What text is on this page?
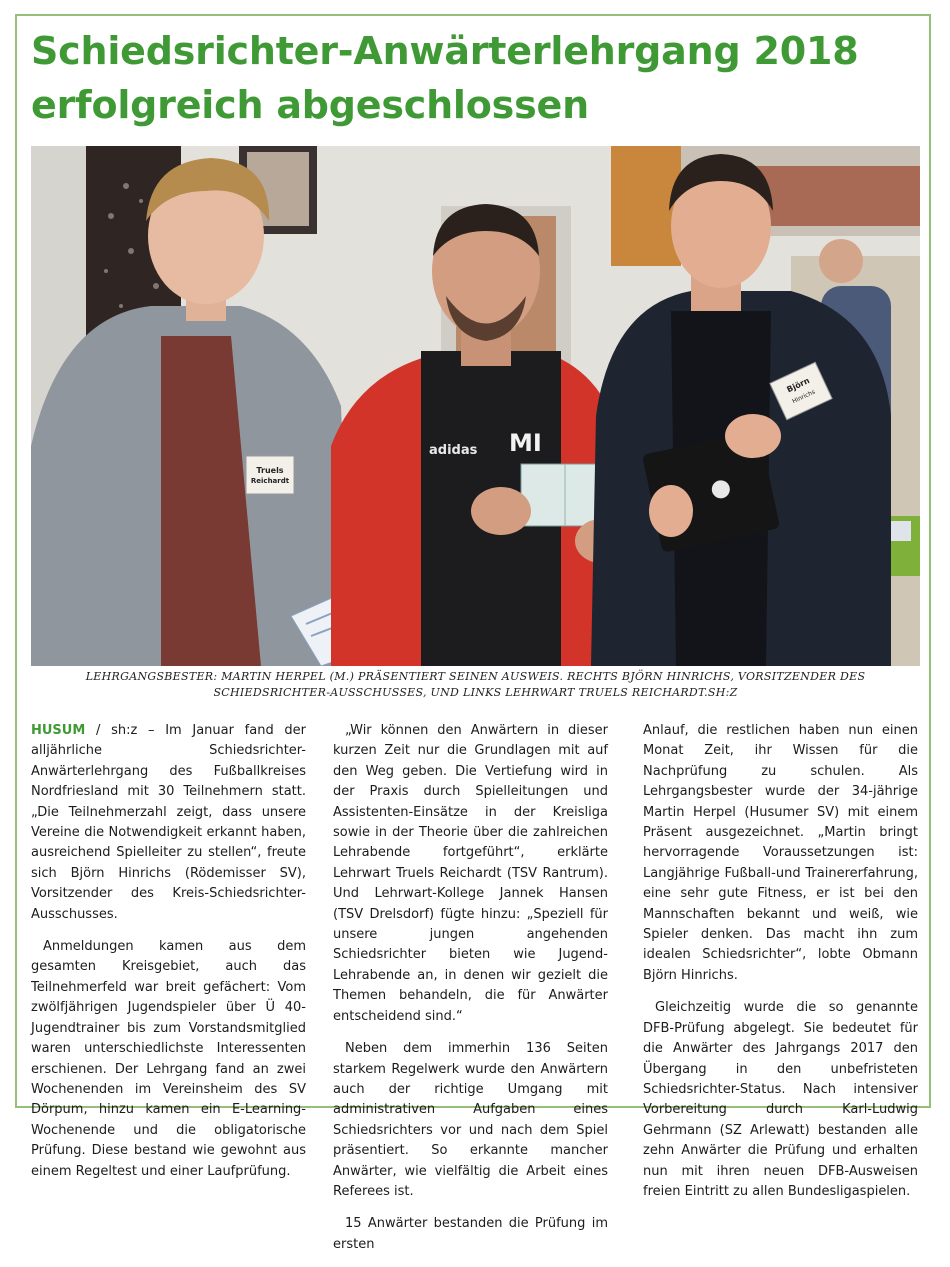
Schiedsrichter-Anwärterlehrgang 2018 erfolgreich abgeschlossen
Truels
Reichardt
adidas MI
Björn
Hinrichs
LEHRGANGSBESTER: MARTIN HERPEL (M.) PRÄSENTIERT SEINEN AUSWEIS. RECHTS BJÖRN HINRICHS, VORSITZENDER DES SCHIEDSRICHTER-AUSSCHUSSES, UND LINKS LEHRWART TRUELS REICHARDT.SH:Z

HUSUM / sh:z – Im Januar fand der alljährliche Schiedsrichter-Anwärterlehrgang des Fußballkreises Nordfriesland mit 30 Teilnehmern statt. „Die Teilnehmerzahl zeigt, dass unsere Vereine die Notwendigkeit erkannt haben, ausreichend Spielleiter zu stellen“, freute sich Björn Hinrichs (Rödemisser SV), Vorsitzender des Kreis-Schiedsrichter-Ausschusses.

Anmeldungen kamen aus dem gesamten Kreisgebiet, auch das Teilnehmerfeld war breit gefächert: Vom zwölfjährigen Jugendspieler über Ü 40-Jugendtrainer bis zum Vorstandsmitglied waren unterschiedlichste Interessenten erschienen. Der Lehrgang fand an zwei Wochenenden im Vereinsheim des SV Dörpum, hinzu kamen ein E-Learning-Wochenende und die obligatorische Prüfung. Diese bestand wie gewohnt aus einem Regeltest und einer Laufprüfung.

„Wir können den Anwärtern in dieser kurzen Zeit nur die Grundlagen mit auf den Weg geben. Die Vertiefung wird in der Praxis durch Spielleitungen und Assistenten-Einsätze in der Kreisliga sowie in der Theorie über die zahlreichen Lehrabende fortgeführt“, erklärte Lehrwart Truels Reichardt (TSV Rantrum). Und Lehrwart-Kollege Jannek Hansen (TSV Drelsdorf) fügte hinzu: „Speziell für unsere jungen angehenden Schiedsrichter bieten wie Jugend-Lehrabende an, in denen wir gezielt die Themen behandeln, die für Anwärter entscheidend sind.“

Neben dem immerhin 136 Seiten starkem Regelwerk wurde den Anwärtern auch der richtige Umgang mit administrativen Aufgaben eines Schiedsrichters vor und nach dem Spiel präsentiert. So erkannte mancher Anwärter, wie vielfältig die Arbeit eines Referees ist.

15 Anwärter bestanden die Prüfung im ersten

Anlauf, die restlichen haben nun einen Monat Zeit, ihr Wissen für die Nachprüfung zu schulen. Als Lehrgangsbester wurde der 34-jährige Martin Herpel (Husumer SV) mit einem Präsent ausgezeichnet. „Martin bringt hervorragende Voraussetzungen ist: Langjährige Fußball-und Trainererfahrung, eine sehr gute Fitness, er ist bei den Mannschaften bekannt und weiß, wie Spieler denken. Das macht ihn zum idealen Schiedsrichter“, lobte Obmann Björn Hinrichs.

Gleichzeitig wurde die so genannte DFB-Prüfung abgelegt. Sie bedeutet für die Anwärter des Jahrgangs 2017 den Übergang in den unbefristeten Schiedsrichter-Status. Nach intensiver Vorbereitung durch Karl-Ludwig Gehrmann (SZ Arlewatt) bestanden alle zehn Anwärter die Prüfung und erhalten nun mit ihren neuen DFB-Ausweisen freien Eintritt zu allen Bundesligaspielen.
